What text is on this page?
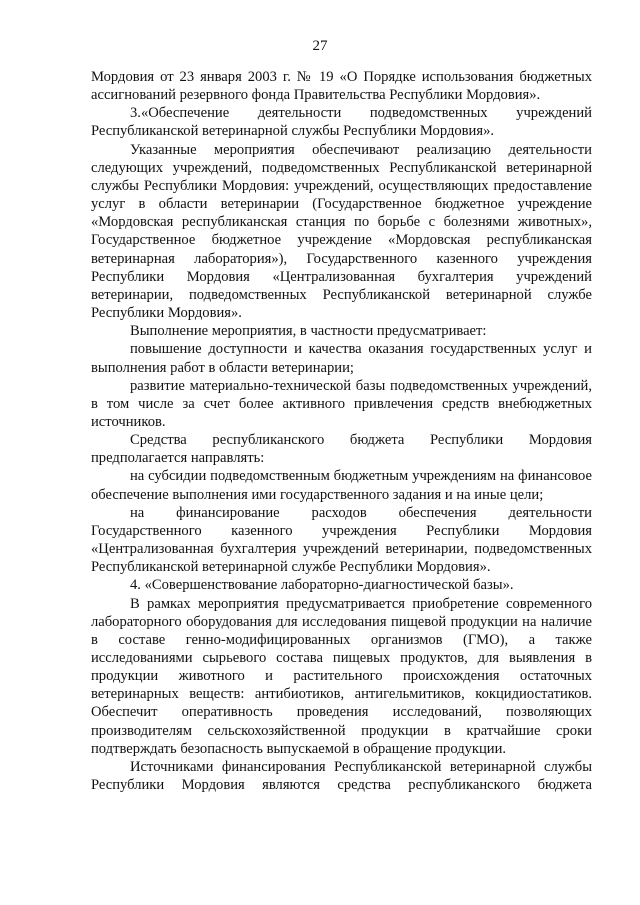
27

Мордовия от 23 января 2003 г. № 19 «О Порядке использования бюджетных ассигнований резервного фонда Правительства Республики Мордовия».

3.«Обеспечение деятельности подведомственных учреждений Республиканской ветеринарной службы Республики Мордовия».

Указанные мероприятия обеспечивают реализацию деятельности следующих учреждений, подведомственных Республиканской ветеринарной службы Республики Мордовия: учреждений, осуществляющих предоставление услуг в области ветеринарии (Государственное бюджетное учреждение «Мордовская республиканская станция по борьбе с болезнями животных», Государственное бюджетное учреждение «Мордовская республиканская ветеринарная лаборатория»), Государственного казенного учреждения Республики Мордовия «Централизованная бухгалтерия учреждений ветеринарии, подведомственных Республиканской ветеринарной службе Республики Мордовия».

Выполнение мероприятия, в частности предусматривает:

повышение доступности и качества оказания государственных услуг и выполнения работ в области ветеринарии;

развитие материально-технической базы подведомственных учреждений, в том числе за счет более активного привлечения средств внебюджетных источников.

Средства республиканского бюджета Республики Мордовия предполагается направлять:

на субсидии подведомственным бюджетным учреждениям на финансовое обеспечение выполнения ими государственного задания и на иные цели;

на финансирование расходов обеспечения деятельности Государственного казенного учреждения Республики Мордовия «Централизованная бухгалтерия учреждений ветеринарии, подведомственных Республиканской ветеринарной службе Республики Мордовия».

4. «Совершенствование лабораторно-диагностической базы».

В рамках мероприятия предусматривается приобретение современного лабораторного оборудования для исследования пищевой продукции на наличие в составе генно-модифицированных организмов (ГМО), а также исследованиями сырьевого состава пищевых продуктов, для выявления в продукции животного и растительного происхождения остаточных ветеринарных веществ: антибиотиков, антигельмитиков, кокцидиостатиков. Обеспечит оперативность проведения исследований, позволяющих производителям сельскохозяйственной продукции в кратчайшие сроки подтверждать безопасность выпускаемой в обращение продукции.

Источниками финансирования Республиканской ветеринарной службы Республики Мордовия являются средства республиканского бюджета
